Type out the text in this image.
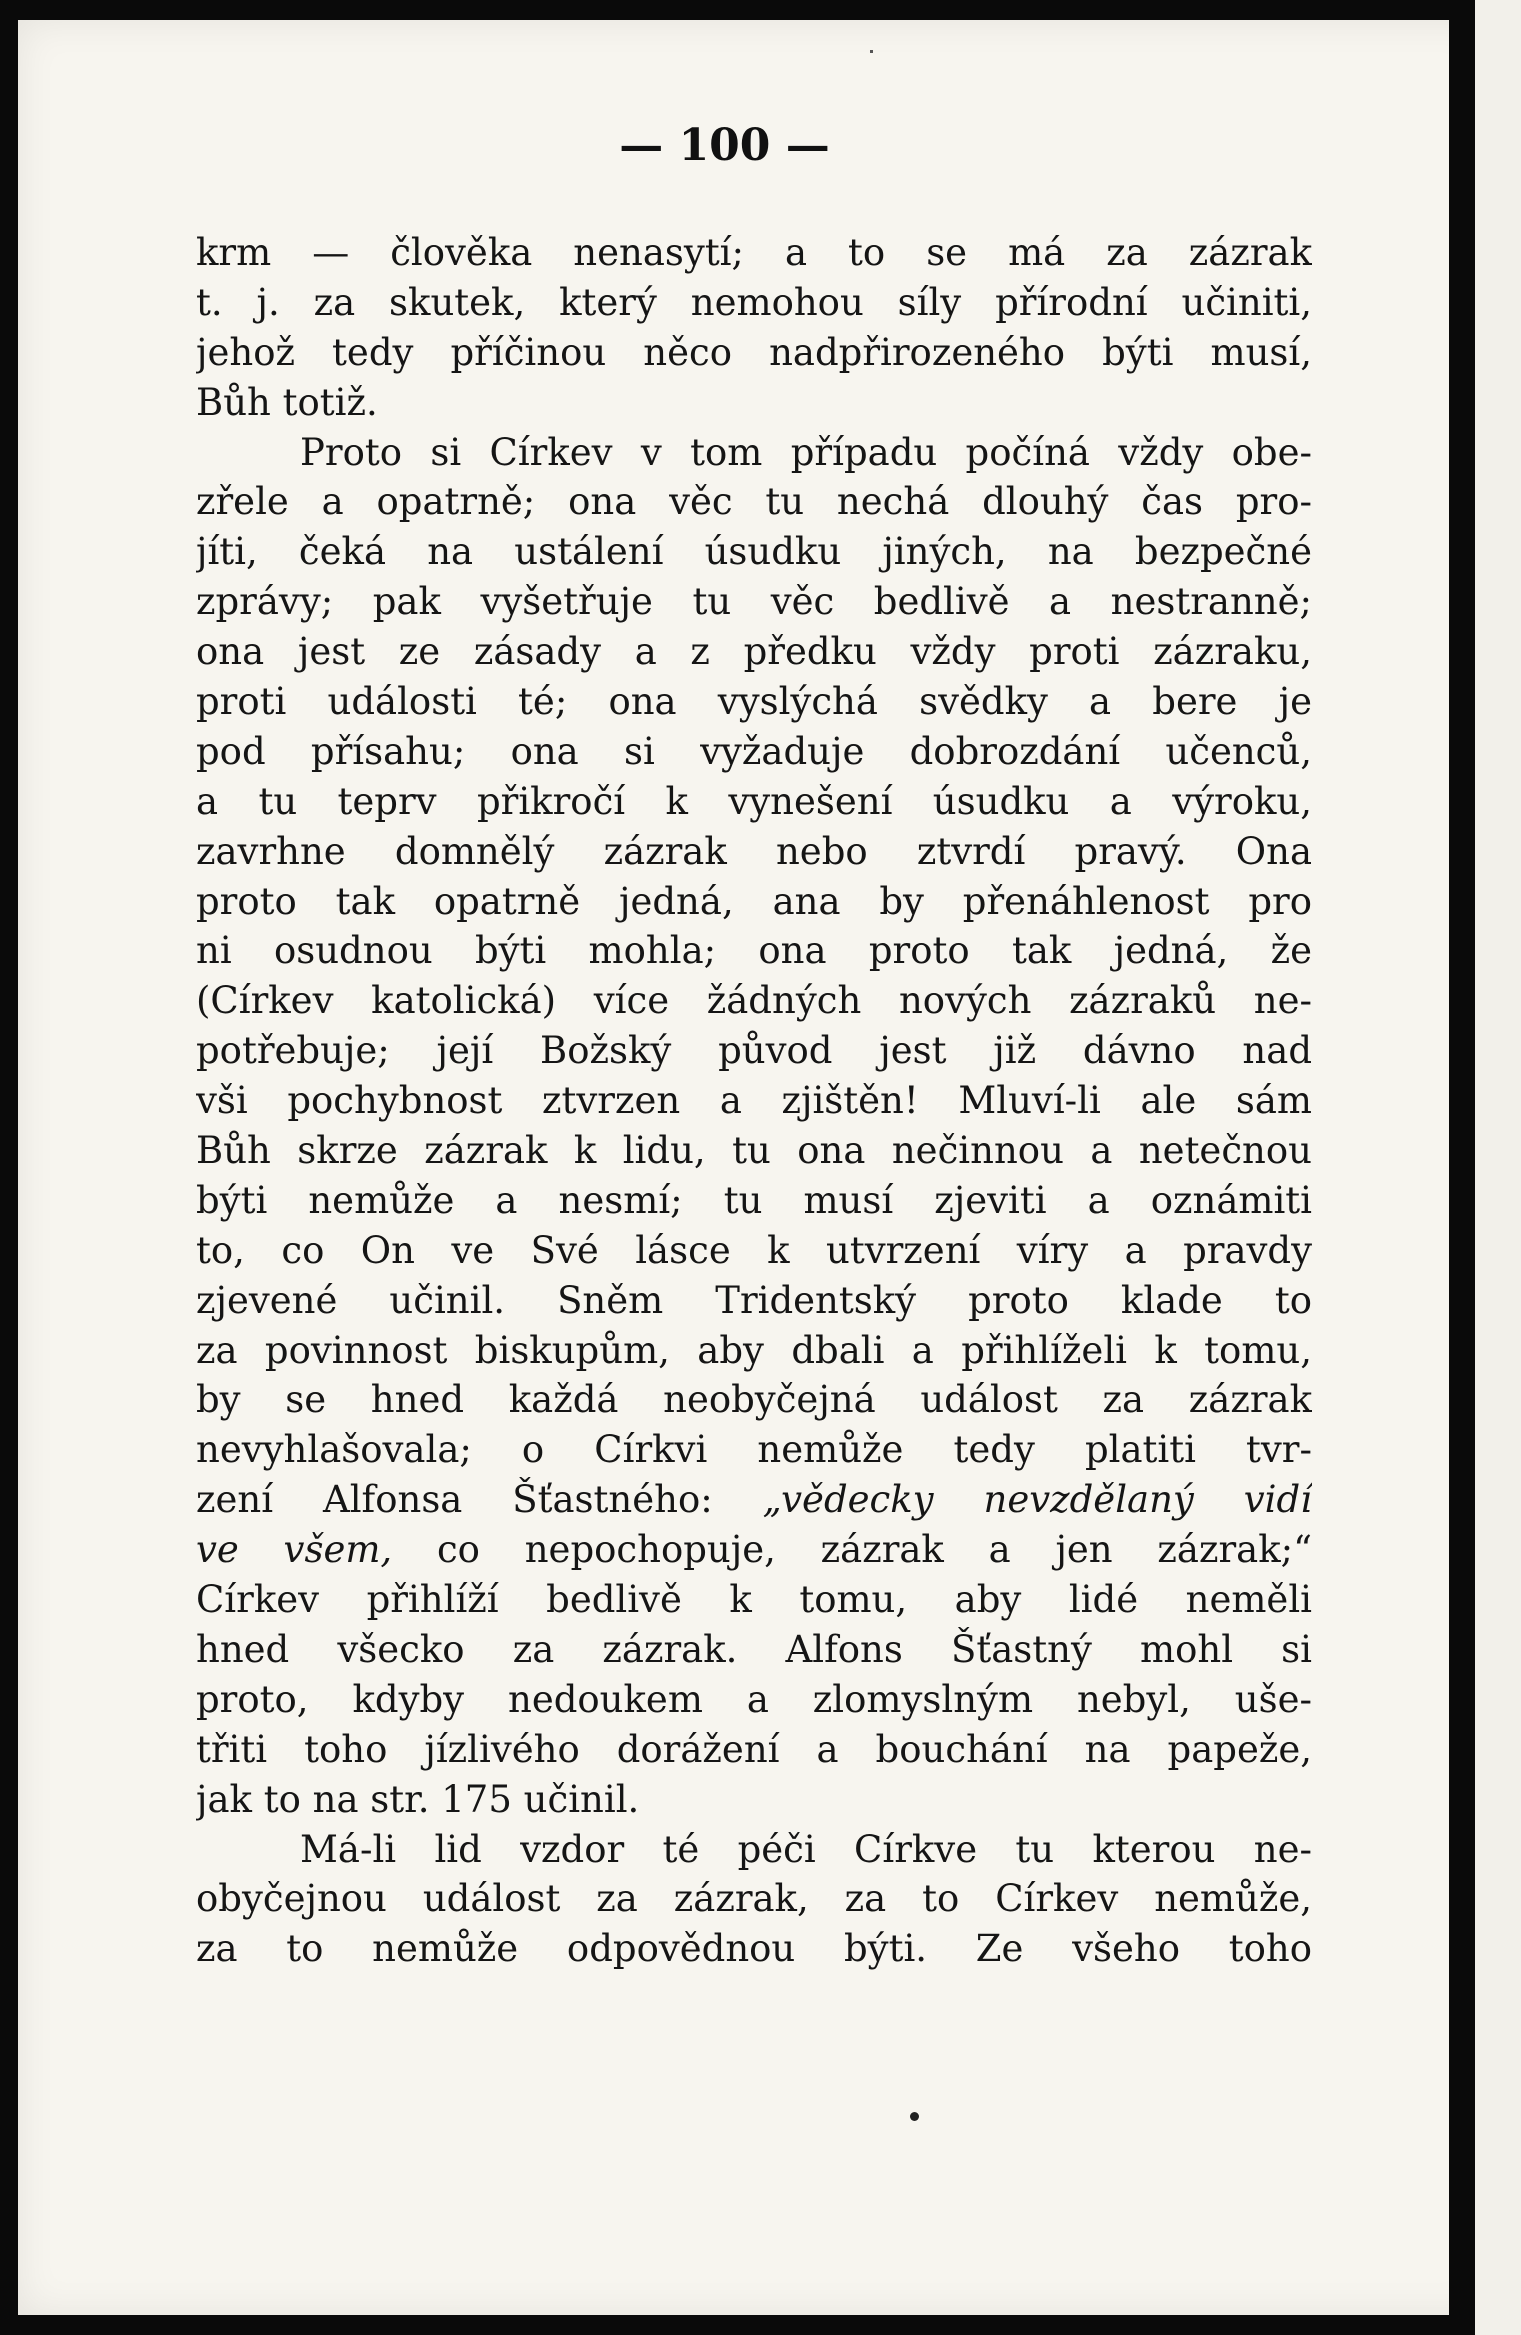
— 100 —
krm — člověka nenasytí; a to se má za zázrak
t. j. za skutek, který nemohou síly přírodní učiniti,
jehož tedy příčinou něco nadpřirozeného býti musí,
Bůh totiž.
Proto si Církev v tom případu počíná vždy obe-
zřele a opatrně; ona věc tu nechá dlouhý čas pro-
jíti, čeká na ustálení úsudku jiných, na bezpečné
zprávy; pak vyšetřuje tu věc bedlivě a nestranně;
ona jest ze zásady a z předku vždy proti zázraku,
proti události té; ona vyslýchá svědky a bere je
pod přísahu; ona si vyžaduje dobrozdání učenců,
a tu teprv přikročí k vynešení úsudku a výroku,
zavrhne domnělý zázrak nebo ztvrdí pravý. Ona
proto tak opatrně jedná, ana by přenáhlenost pro
ni osudnou býti mohla; ona proto tak jedná, že
(Církev katolická) více žádných nových zázraků ne-
potřebuje; její Božský původ jest již dávno nad
vši pochybnost ztvrzen a zjištěn! Mluví-li ale sám
Bůh skrze zázrak k lidu, tu ona nečinnou a netečnou
býti nemůže a nesmí; tu musí zjeviti a oznámiti
to, co On ve Své lásce k utvrzení víry a pravdy
zjevené učinil. Sněm Tridentský proto klade to
za povinnost biskupům, aby dbali a přihlíželi k tomu,
by se hned každá neobyčejná událost za zázrak
nevyhlašovala; o Církvi nemůže tedy platiti tvr-
zení Alfonsa Šťastného: „vědecky nevzdělaný vidí
ve všem, co nepochopuje, zázrak a jen zázrak;“
Církev přihlíží bedlivě k tomu, aby lidé neměli
hned všecko za zázrak. Alfons Šťastný mohl si
proto, kdyby nedoukem a zlomyslným nebyl, uše-
třiti toho jízlivého dorážení a bouchání na papeže,
jak to na str. 175 učinil.
Má-li lid vzdor té péči Církve tu kterou ne-
obyčejnou událost za zázrak, za to Církev nemůže,
za to nemůže odpovědnou býti. Ze všeho toho
